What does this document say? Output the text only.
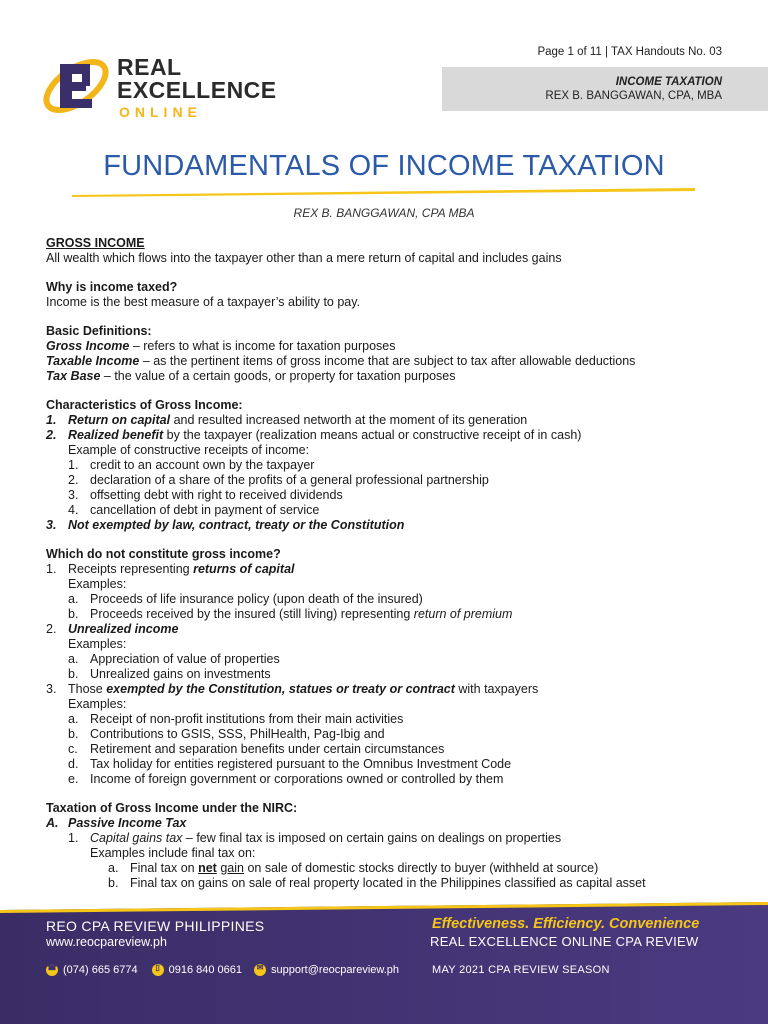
REAL
EXCELLENCE
ONLINE
Page 1 of 11 | TAX Handouts No. 03
INCOME TAXATION
REX B. BANGGAWAN, CPA, MBA
FUNDAMENTALS OF INCOME TAXATION
REX B. BANGGAWAN, CPA MBA

GROSS INCOME

All wealth which flows into the taxpayer other than a mere return of capital and includes gains

Why is income taxed?

Income is the best measure of a taxpayer’s ability to pay.

Basic Definitions:

Gross Income – refers to what is income for taxation purposes

Taxable Income – as the pertinent items of gross income that are subject to tax after allowable deductions

Tax Base – the value of a certain goods, or property for taxation purposes

Characteristics of Gross Income:

1. Return on capital and resulted increased networth at the moment of its generation
2. Realized benefit by the taxpayer (realization means actual or constructive receipt of in cash)

Example of constructive receipts of income:

1. credit to an account own by the taxpayer
2. declaration of a share of the profits of a general professional partnership
3. offsetting debt with right to received dividends
4. cancellation of debt in payment of service
3. Not exempted by law, contract, treaty or the Constitution

Which do not constitute gross income?

1. Receipts representing returns of capital

Examples:

a. Proceeds of life insurance policy (upon death of the insured)
b. Proceeds received by the insured (still living) representing return of premium
2. Unrealized income

Examples:

a. Appreciation of value of properties
b. Unrealized gains on investments
3. Those exempted by the Constitution, statues or treaty or contract with taxpayers

Examples:

a. Receipt of non-profit institutions from their main activities
b. Contributions to GSIS, SSS, PhilHealth, Pag-Ibig and
c. Retirement and separation benefits under certain circumstances
d. Tax holiday for entities registered pursuant to the Omnibus Investment Code
e. Income of foreign government or corporations owned or controlled by them

Taxation of Gross Income under the NIRC:

A. Passive Income Tax
1. Capital gains tax – few final tax is imposed on certain gains on dealings on properties

Examples include final tax on:

a. Final tax on net gain on sale of domestic stocks directly to buyer (withheld at source)
b. Final tax on gains on sale of real property located in the Philippines classified as capital asset
REO CPA REVIEW PHILIPPINES
www.reocpareview.ph
Effectiveness. Efficiency. Convenience
REAL EXCELLENCE ONLINE CPA REVIEW
☎ (074) 665 6774	▯ 0916 840 0661	✉ support@reocpareview.ph	MAY 2021 CPA REVIEW SEASON
